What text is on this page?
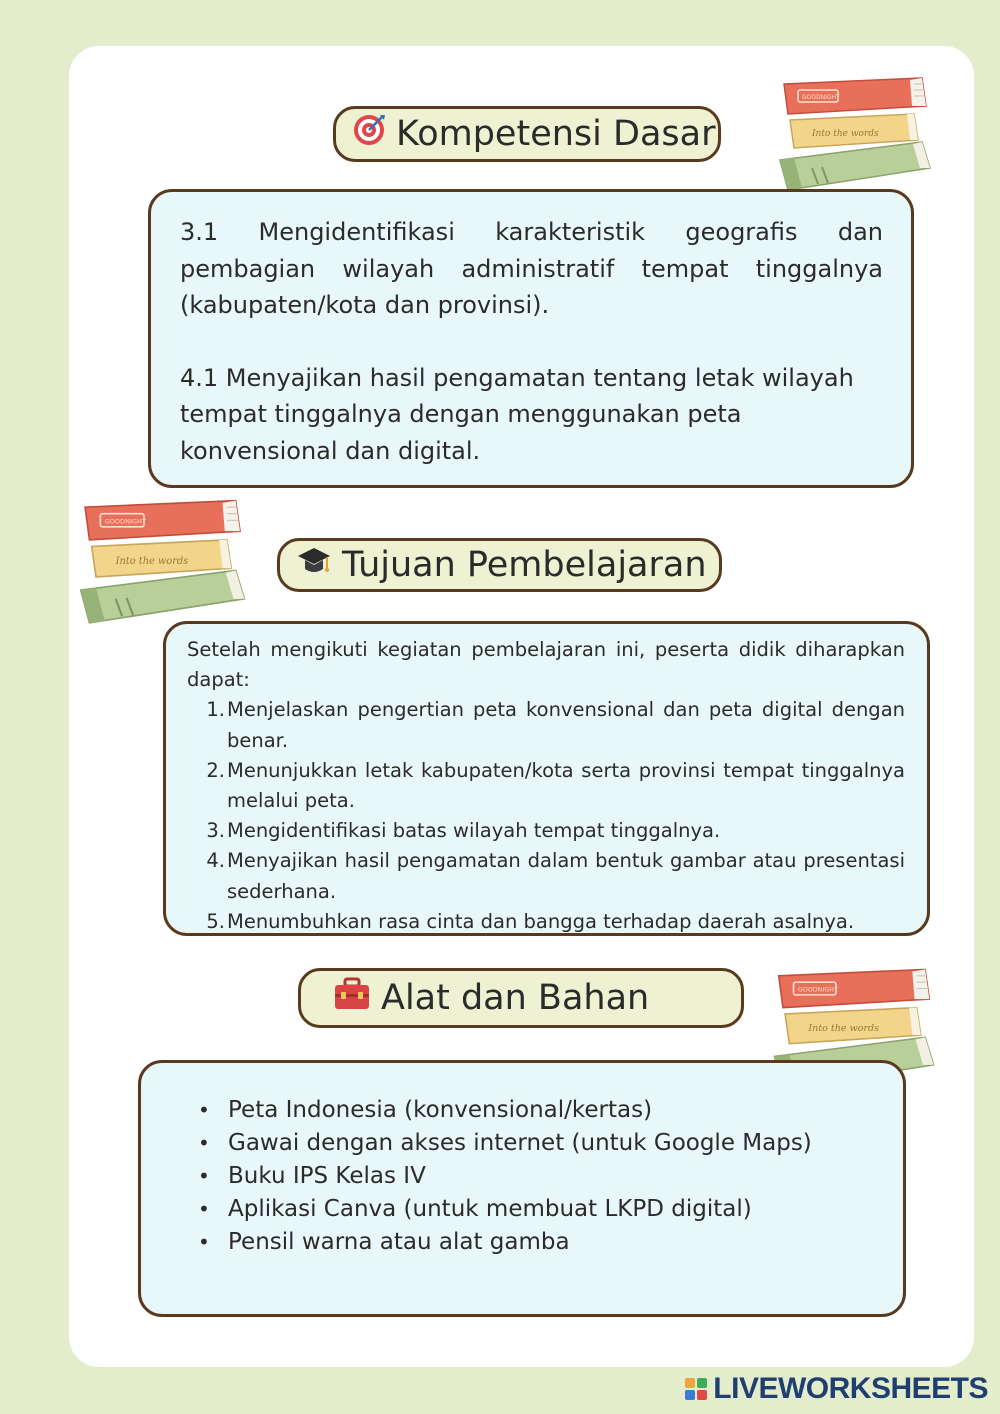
Kompetensi Dasar

3.1 Mengidentifikasi karakteristik geografis dan pembagian wilayah administratif tempat tinggalnya (kabupaten/kota dan provinsi).

4.1 Menyajikan hasil pengamatan tentang letak wilayah tempat tinggalnya dengan menggunakan peta konvensional dan digital.

Tujuan Pembelajaran

Setelah mengikuti kegiatan pembelajaran ini, peserta didik diharapkan dapat:

1. Menjelaskan pengertian peta konvensional dan peta digital dengan benar.
2. Menunjukkan letak kabupaten/kota serta provinsi tempat tinggalnya melalui peta.
3. Mengidentifikasi batas wilayah tempat tinggalnya.
4. Menyajikan hasil pengamatan dalam bentuk gambar atau presentasi sederhana.
5. Menumbuhkan rasa cinta dan bangga terhadap daerah asalnya.
Alat dan Bahan
• Peta Indonesia (konvensional/kertas)
• Gawai dengan akses internet (untuk Google Maps)
• Buku IPS Kelas IV
• Aplikasi Canva (untuk membuat LKPD digital)
• Pensil warna atau alat gamba
LIVEWORKSHEETS
